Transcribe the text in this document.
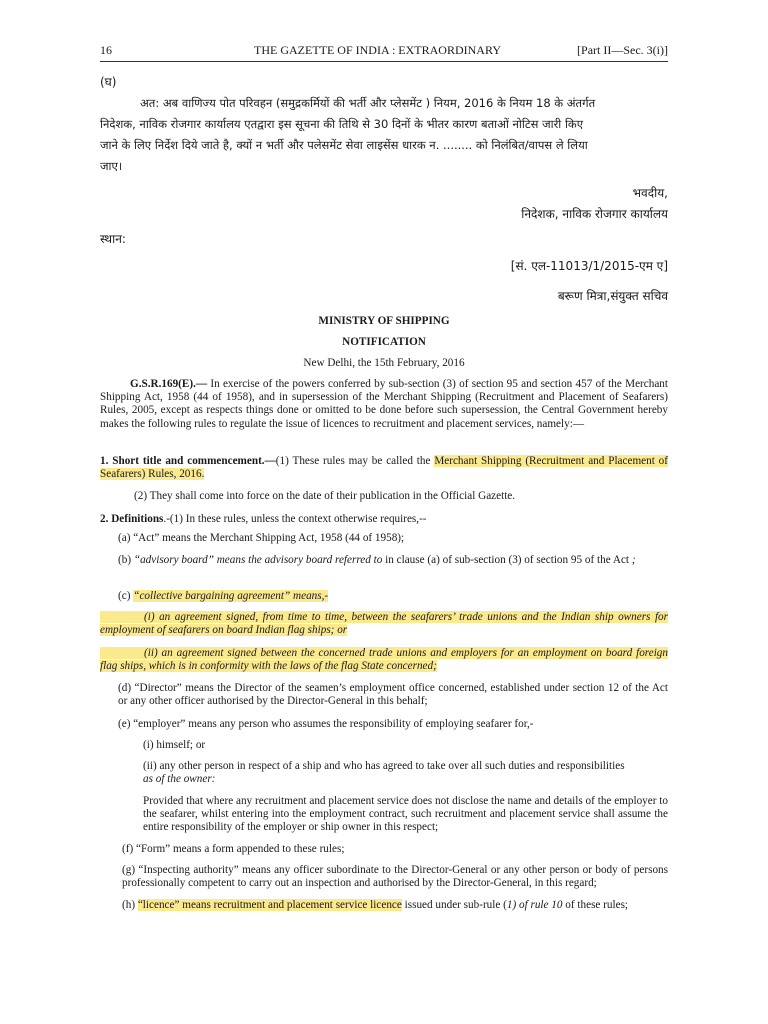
16	THE GAZETTE OF INDIA : EXTRAORDINARY	[Part II—Sec. 3(i)]
(घ)
अत: अब वाणिज्य पोत परिवहन (समुद्रकर्मियों की भर्ती और प्लेसमेंट ) नियम, 2016 के नियम 18 के अंतर्गत
निदेशक, नाविक रोजगार कार्यालय एतद्वारा इस सूचना की तिथि से 30 दिनों के भीतर कारण बताओं नोटिस जारी किए
जाने के लिए निर्देश दिये जाते है, क्यों न भर्ती और पलेसमेंट सेवा लाइसेंस धारक न. ........ को निलंबित/वापस ले लिया
जाए।
भवदीय,
निदेशक, नाविक रोजगार कार्यालय
स्थान:
[सं. एल-11013/1/2015-एम ए]
बरूण मित्रा,संयुक्त सचिव
MINISTRY OF SHIPPING
NOTIFICATION
New Delhi, the 15th February, 2016
G.S.R.169(E).— In exercise of the powers conferred by sub-section (3) of section 95 and section 457 of the Merchant Shipping Act, 1958 (44 of 1958), and in supersession of the Merchant Shipping (Recruitment and Placement of Seafarers) Rules, 2005, except as respects things done or omitted to be done before such supersession, the Central Government hereby makes the following rules to regulate the issue of licences to recruitment and placement services, namely:—
1. Short title and commencement.—(1) These rules may be called the Merchant Shipping (Recruitment and Placement of Seafarers) Rules, 2016.
(2) They shall come into force on the date of their publication in the Official Gazette.
2. Definitions.-(1) In these rules, unless the context otherwise requires,--
(a) “Act” means the Merchant Shipping Act, 1958 (44 of 1958);
(b) “advisory board” means the advisory board referred to in clause (a) of sub-section (3) of section 95 of the Act ;
(c) “collective bargaining agreement” means,-
(i) an agreement signed, from time to time, between the seafarers’ trade unions and the Indian ship owners for employment of seafarers on board Indian flag ships; or
(ii) an agreement signed between the concerned trade unions and employers for an employment on board foreign flag ships, which is in conformity with the laws of the flag State concerned;
(d) “Director” means the Director of the seamen’s employment office concerned, established under section 12 of the Act or any other officer authorised by the Director-General in this behalf;
(e) “employer” means any person who assumes the responsibility of employing seafarer for,-
(i) himself; or
(ii) any other person in respect of a ship and who has agreed to take over all such duties and responsibilities
as of the owner:
Provided that where any recruitment and placement service does not disclose the name and details of the employer to the seafarer, whilst entering into the employment contract, such recruitment and placement service shall assume the entire responsibility of the employer or ship owner in this respect;
(f) “Form” means a form appended to these rules;
(g) “Inspecting authority” means any officer subordinate to the Director-General or any other person or body of persons professionally competent to carry out an inspection and authorised by the Director-General, in this regard;
(h) “licence” means recruitment and placement service licence issued under sub-rule (1) of rule 10 of these rules;
